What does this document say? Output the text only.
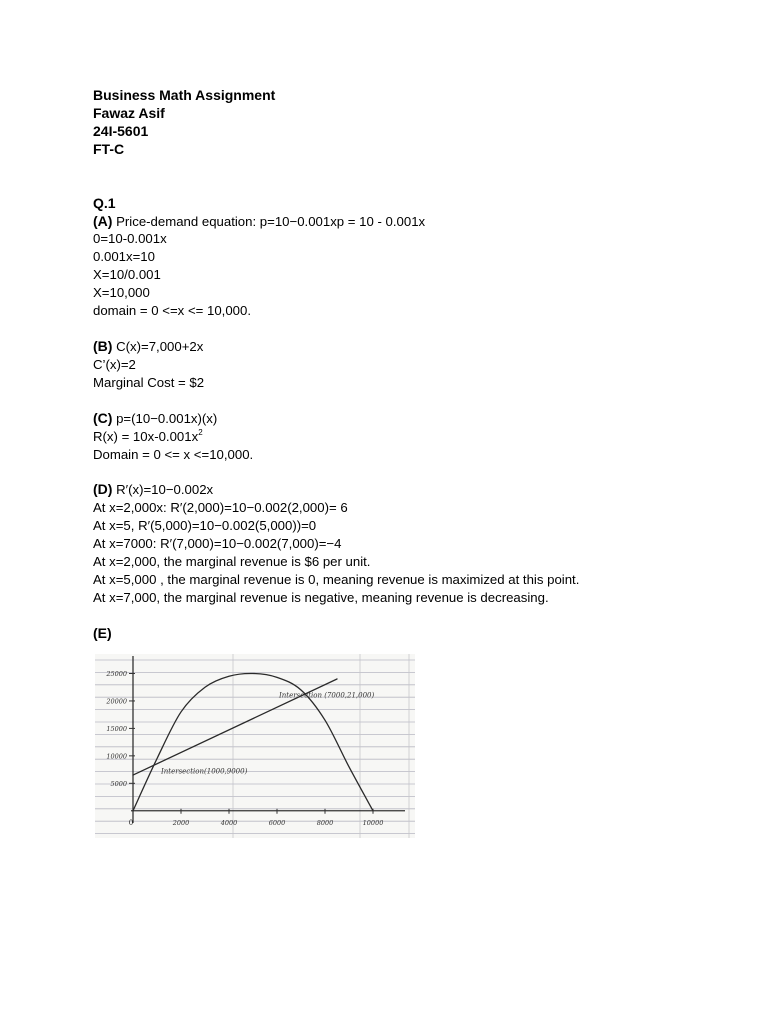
Business Math Assignment
Fawaz Asif
24I-5601
FT-C
Q.1
(A) Price-demand equation: p=10−0.001xp = 10 - 0.001x
0=10-0.001x
0.001x=10
X=10/0.001
X=10,000
domain = 0 <=x <= 10,000.
(B) C(x)=7,000+2x
C’(x)=2
Marginal Cost = $2
(C) p=(10−0.001x)(x)
$R(x) = 10x-0.001x^2$
Domain = 0 <= x <=10,000.
(D) R′(x)=10−0.002x
At x=2,000x: R′(2,000)=10−0.002(2,000)= 6
At x=5, R′(5,000)=10−0.002(5,000))=0
At x=7000: R′(7,000)=10−0.002(7,000)=−4
At x=2,000, the marginal revenue is $6 per unit.
At x=5,000 , the marginal revenue is 0, meaning revenue is maximized at this point.
At x=7,000, the marginal revenue is negative, meaning revenue is decreasing.
(E)
0
5000
10000
15000
20000
25000
2000	4000	6000	8000	10000
Intersection(1000,9000)
Intersection (7000,21,000)
